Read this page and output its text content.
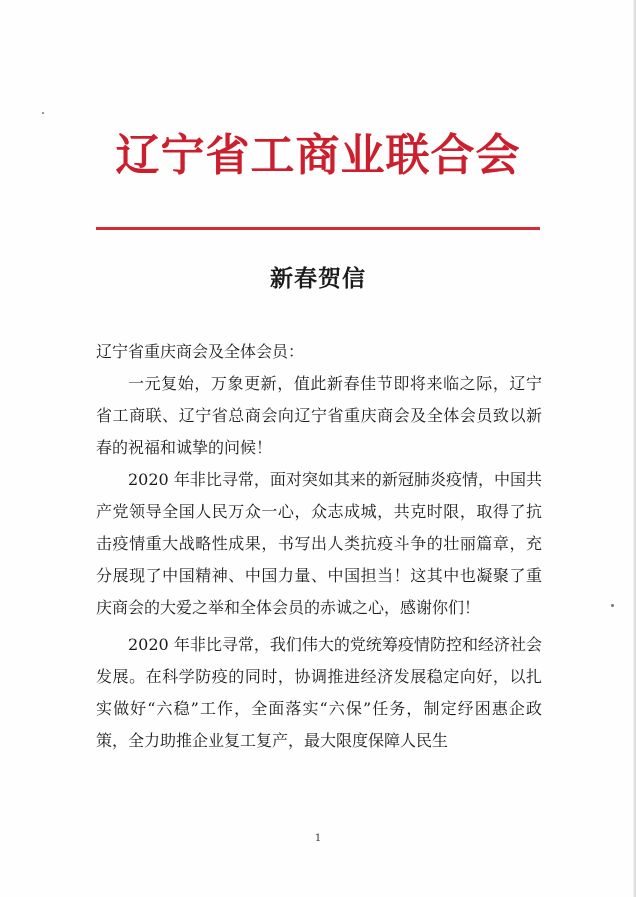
辽宁省工商业联合会
新春贺信

辽宁省重庆商会及全体会员：

一元复始，万象更新，值此新春佳节即将来临之际，辽宁省工商联、辽宁省总商会向辽宁省重庆商会及全体会员致以新春的祝福和诚挚的问候！

2020 年非比寻常，面对突如其来的新冠肺炎疫情，中国共产党领导全国人民万众一心，众志成城，共克时限，取得了抗击疫情重大战略性成果，书写出人类抗疫斗争的壮丽篇章，充分展现了中国精神、中国力量、中国担当！这其中也凝聚了重庆商会的大爱之举和全体会员的赤诚之心，感谢你们！

2020 年非比寻常，我们伟大的党统筹疫情防控和经济社会发展。在科学防疫的同时，协调推进经济发展稳定向好，以扎实做好“六稳”工作，全面落实“六保”任务，制定纾困惠企政策，全力助推企业复工复产，最大限度保障人民生

1
